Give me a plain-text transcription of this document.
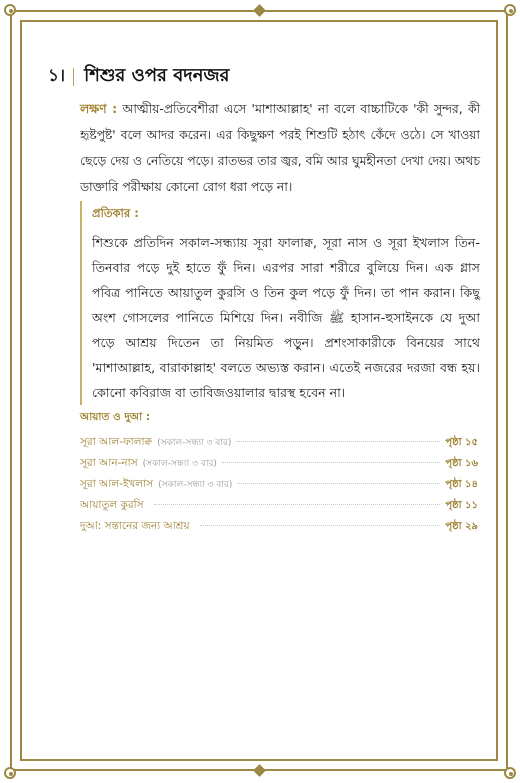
১। শিশুর ওপর বদনজর
লক্ষণ : আত্মীয়-প্রতিবেশীরা এসে 'মাশাআল্লাহ' না বলে বাচ্চাটিকে 'কী সুন্দর, কী হৃষ্টপুষ্ট' বলে আদর করেন। এর কিছুক্ষণ পরই শিশুটি হঠাৎ কেঁদে ওঠে। সে খাওয়া ছেড়ে দেয় ও নেতিয়ে পড়ে। রাতভর তার জ্বর, বমি আর ঘুমহীনতা দেখা দেয়। অথচ ডাক্তারি পরীক্ষায় কোনো রোগ ধরা পড়ে না।
প্রতিকার :
শিশুকে প্রতিদিন সকাল-সন্ধ্যায় সূরা ফালাক্ব, সূরা নাস ও সূরা ইখলাস তিন-তিনবার পড়ে দুই হাতে ফুঁ দিন। এরপর সারা শরীরে বুলিয়ে দিন। এক গ্লাস পবিত্র পানিতে আয়াতুল কুরসি ও তিন কুল পড়ে ফুঁ দিন। তা পান করান। কিছু অংশ গোসলের পানিতে মিশিয়ে দিন। নবীজি ﷺ হাসান-হুসাইনকে যে দুআ পড়ে আশ্রয় দিতেন তা নিয়মিত পড়ুন। প্রশংসাকারীকে বিনয়ের সাথে 'মাশাআল্লাহ, বারাকাল্লাহ' বলতে অভ্যস্ত করান। এতেই নজরের দরজা বন্ধ হয়। কোনো কবিরাজ বা তাবিজওয়ালার দ্বারস্থ হবেন না।
আয়াত ও দুআ :
সূরা আল-ফালাক্ব (সকাল-সন্ধ্যা ৩ বার)	পৃষ্ঠা ১৫
সূরা আন-নাস (সকাল-সন্ধ্যা ৩ বার)	পৃষ্ঠা ১৬
সূরা আল-ইখলাস (সকাল-সন্ধ্যা ৩ বার)	পৃষ্ঠা ১৪
আয়াতুল কুরসি	পৃষ্ঠা ১১
দুআ: সন্তানের জন্য আশ্রয়	পৃষ্ঠা ২৯
